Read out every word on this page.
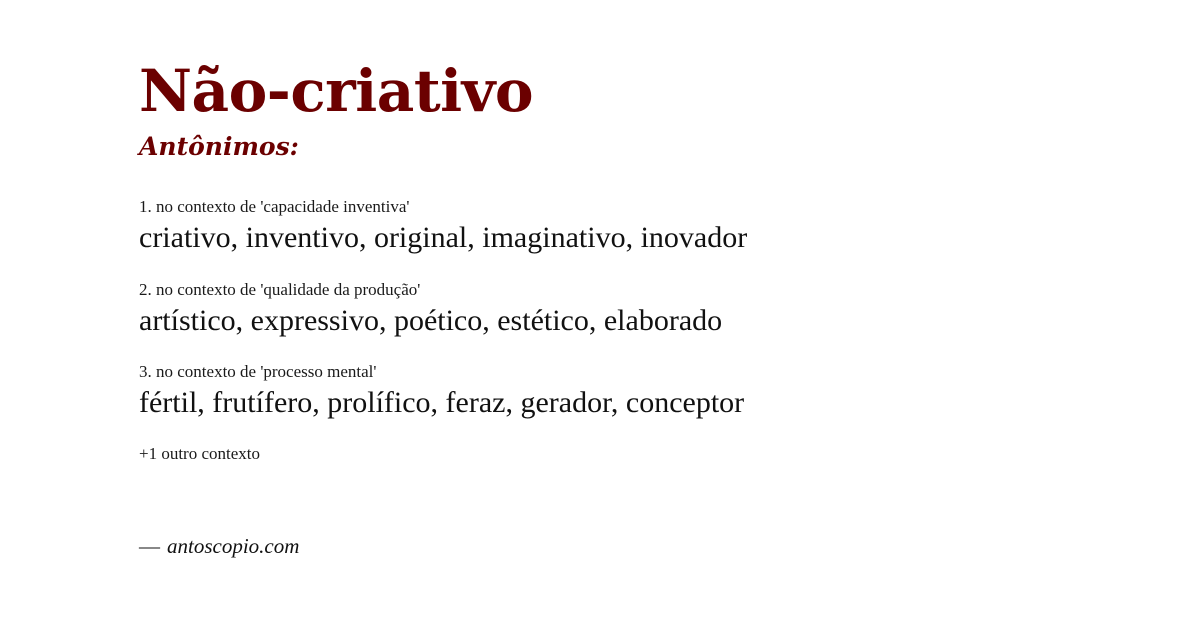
Não-criativo
Antônimos:
1. no contexto de 'capacidade inventiva'
criativo, inventivo, original, imaginativo, inovador
2. no contexto de 'qualidade da produção'
artístico, expressivo, poético, estético, elaborado
3. no contexto de 'processo mental'
fértil, frutífero, prolífico, feraz, gerador, conceptor
+1 outro contexto
— antoscopio.com
